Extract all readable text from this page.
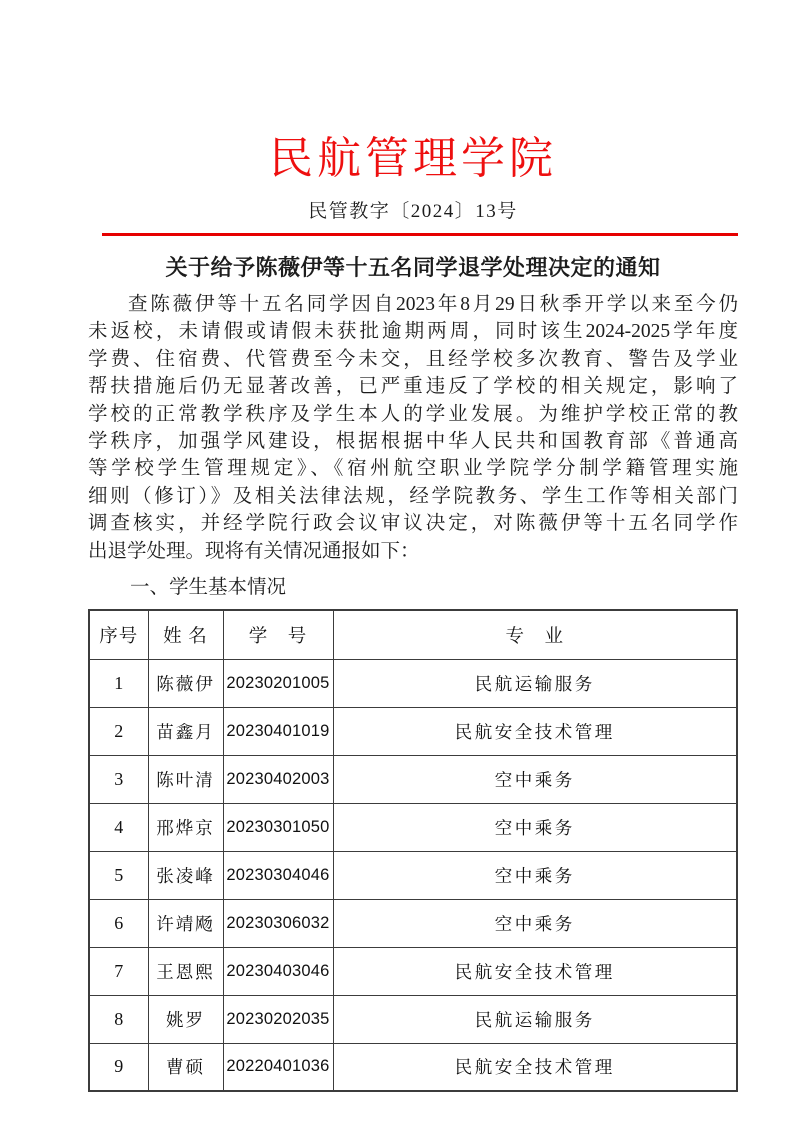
民航管理学院
民管教字〔2024〕13号
关于给予陈薇伊等十五名同学退学处理决定的通知
查陈薇伊等十五名同学因自2023年8月29日秋季开学以来至今仍
未返校，未请假或请假未获批逾期两周，同时该生2024-2025学年度
学费、住宿费、代管费至今未交，且经学校多次教育、警告及学业
帮扶措施后仍无显著改善，已严重违反了学校的相关规定，影响了
学校的正常教学秩序及学生本人的学业发展。为维护学校正常的教
学秩序，加强学风建设，根据根据中华人民共和国教育部《普通高
等学校学生管理规定》、《宿州航空职业学院学分制学籍管理实施
细则（修订）》及相关法律法规，经学院教务、学生工作等相关部门
调查核实，并经学院行政会议审议决定，对陈薇伊等十五名同学作
出退学处理。现将有关情况通报如下：
一、学生基本情况
序号	姓 名	学　号	专　业
1	陈薇伊	20230201005	民航运输服务
2	苗鑫月	20230401019	民航安全技术管理
3	陈叶清	20230402003	空中乘务
4	邢烨京	20230301050	空中乘务
5	张凌峰	20230304046	空中乘务
6	许靖飏	20230306032	空中乘务
7	王恩熙	20230403046	民航安全技术管理
8	姚罗	20230202035	民航运输服务
9	曹硕	20220401036	民航安全技术管理
